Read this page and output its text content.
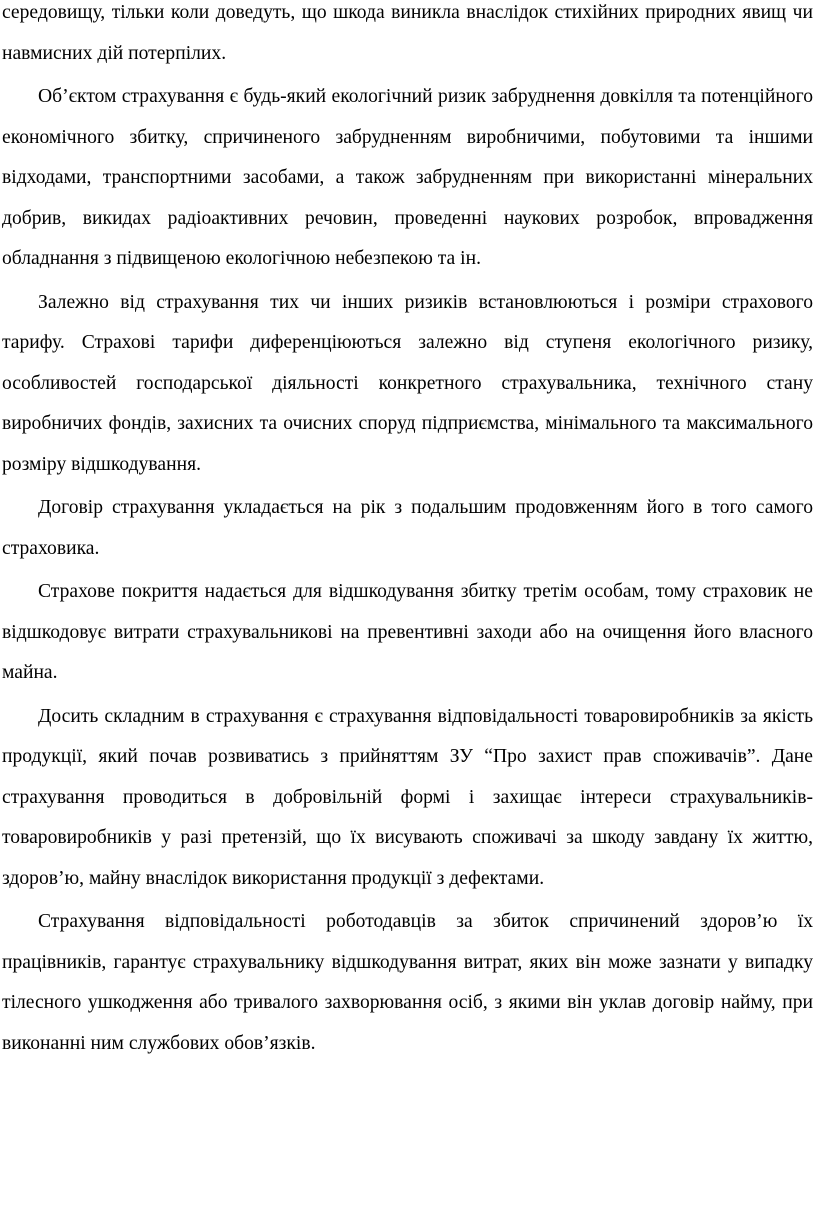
середовищу, тільки коли доведуть, що шкода виникла внаслідок стихійних природних явищ чи навмисних дій потерпілих.

Об’єктом страхування є будь-який екологічний ризик забруднення довкілля та потенційного економічного збитку, спричиненого забрудненням виробничими, побутовими та іншими відходами, транспортними засобами, а також забрудненням при використанні мінеральних добрив, викидах радіоактивних речовин, проведенні наукових розробок, впровадження обладнання з підвищеною екологічною небезпекою та ін.

Залежно від страхування тих чи інших ризиків встановлюються і розміри страхового тарифу. Страхові тарифи диференціюються залежно від ступеня екологічного ризику, особливостей господарської діяльності конкретного страхувальника, технічного стану виробничих фондів, захисних та очисних споруд підприємства, мінімального та максимального розміру відшкодування.

Договір страхування укладається на рік з подальшим продовженням його в того самого страховика.

Страхове покриття надається для відшкодування збитку третім особам, тому страховик не відшкодовує витрати страхувальникові на превентивні заходи або на очищення його власного майна.

Досить складним в страхування є страхування відповідальності товаровиробників за якість продукції, який почав розвиватись з прийняттям ЗУ “Про захист прав споживачів”. Дане страхування проводиться в добровільній формі і захищає інтереси страхувальників-товаровиробників у разі претензій, що їх висувають споживачі за шкоду завдану їх життю, здоров’ю, майну внаслідок використання продукції з дефектами.

Страхування відповідальності роботодавців за збиток спричинений здоров’ю їх працівників, гарантує страхувальнику відшкодування витрат, яких він може зазнати у випадку тілесного ушкодження або тривалого захворювання осіб, з якими він уклав договір найму, при виконанні ним службових обов’язків.
